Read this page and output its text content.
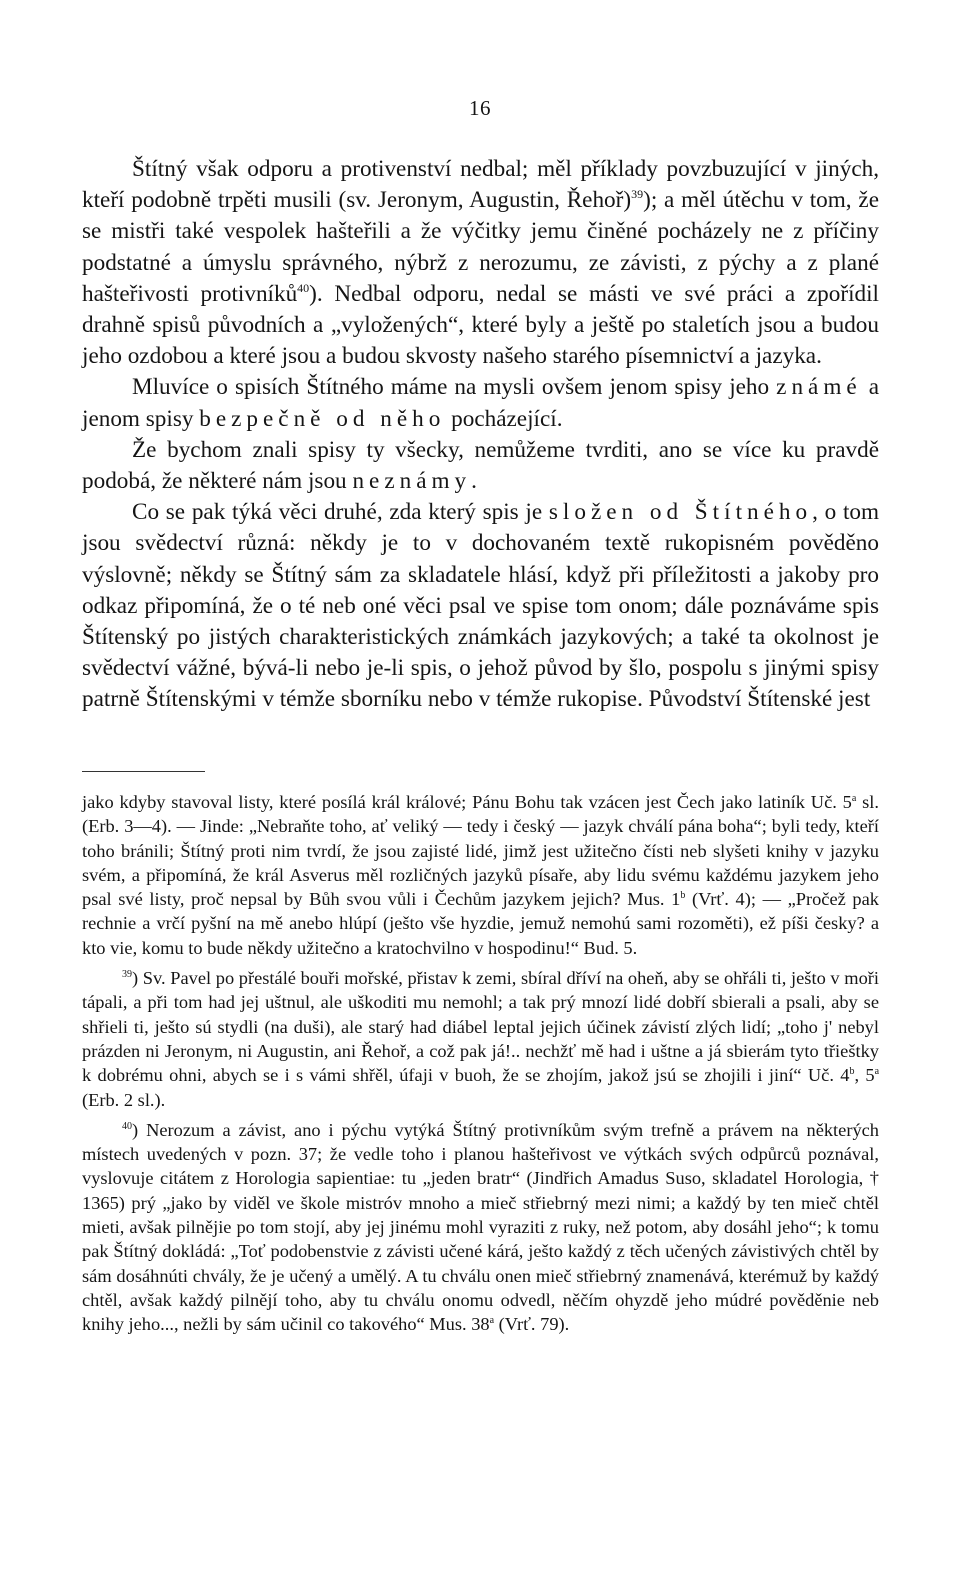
16

Štítný však odporu a protivenství nedbal; měl příklady povzbuzující v jiných, kteří podobně trpěti musili (sv. Jeronym, Augustin, Řehoř)$^{39}$); a měl útěchu v tom, že se mistři také vespolek hašteřili a že výčitky jemu činěné pocházely ne z příčiny podstatné a úmyslu správného, nýbrž z nerozumu, ze závisti, z pýchy a z plané hašteřivosti protivníků$^{40}$). Nedbal odporu, nedal se másti ve své práci a zpořídil drahně spisů původních a „vyložených“, které byly a ještě po staletích jsou a budou jeho ozdobou a které jsou a budou skvosty našeho starého písemnictví a jazyka.

Mluvíce o spisích Štítného máme na mysli ovšem jenom spisy jeho známé a jenom spisy bezpečně od něho pocházející.

Že bychom znali spisy ty všecky, nemůžeme tvrditi, ano se více ku pravdě podobá, že některé nám jsou neznámy.

Co se pak týká věci druhé, zda který spis je složen od Štítného, o tom jsou svědectví různá: někdy je to v dochovaném textě rukopisném pověděno výslovně; někdy se Štítný sám za skladatele hlásí, když při příležitosti a jakoby pro odkaz připomíná, že o té neb oné věci psal ve spise tom onom; dále poznáváme spis Štítenský po jistých charakteristických známkách jazykových; a také ta okolnost je svědectví vážné, bývá-li nebo je-li spis, o jehož původ by šlo, pospolu s jinými spisy patrně Štítenskými v témže sborníku nebo v témže rukopise. Původství Štítenské jest

jako kdyby stavoval listy, které posílá král králové; Pánu Bohu tak vzácen jest Čech jako latiník Uč. 5$^a$ sl. (Erb. 3—4). — Jinde: „Nebraňte toho, ať veliký — tedy i český — jazyk chválí pána boha“; byli tedy, kteří toho bránili; Štítný proti nim tvrdí, že jsou zajisté lidé, jimž jest užitečno čísti neb slyšeti knihy v jazyku svém, a připomíná, že král Asverus měl rozličných jazyků písaře, aby lidu svému každému jazykem jeho psal své listy, proč nepsal by Bůh svou vůli i Čechům jazykem jejich? Mus. 1$^b$ (Vrť. 4); — „Pročež pak rechnie a vrčí pyšní na mě anebo hlúpí (ješto vše hyzdie, jemuž nemohú sami rozoměti), ež píši česky? a kto vie, komu to bude někdy užitečno a kratochvilno v hospodinu!“ Bud. 5.

$^{39}$) Sv. Pavel po přestálé bouři mořské, přistav k zemi, sbíral dříví na oheň, aby se ohřáli ti, ješto v moři tápali, a při tom had jej uštnul, ale uškoditi mu nemohl; a tak prý mnozí lidé dobří sbierali a psali, aby se shřieli ti, ješto sú stydli (na duši), ale starý had diábel leptal jejich účinek závistí zlých lidí; „toho j' nebyl prázden ni Jeronym, ni Augustin, ani Řehoř, a což pak já!.. nechžť mě had i uštne a já sbierám tyto třieštky k dobrému ohni, abych se i s vámi shřěl, úfaji v buoh, že se zhojím, jakož jsú se zhojili i jiní“ Uč. 4$^b$, 5$^a$ (Erb. 2 sl.).

$^{40}$) Nerozum a závist, ano i pýchu vytýká Štítný protivníkům svým trefně a právem na některých místech uvedených v pozn. 37; že vedle toho i planou hašteřivost ve výtkách svých odpůrců poznával, vyslovuje citátem z Horologia sapientiae: tu „jeden bratr“ (Jindřich Amadus Suso, skladatel Horologia, † 1365) prý „jako by viděl ve škole mistróv mnoho a mieč střiebrný mezi nimi; a každý by ten mieč chtěl mieti, avšak pilnějie po tom stojí, aby jej jinému mohl vyraziti z ruky, než potom, aby dosáhl jeho“; k tomu pak Štítný dokládá: „Toť podobenstvie z závisti učené kárá, ješto každý z těch učených závistivých chtěl by sám dosáhnúti chvály, že je učený a umělý. A tu chválu onen mieč střiebrný znamenává, kterémuž by každý chtěl, avšak každý pilnějí toho, aby tu chválu onomu odvedl, něčím ohyzdě jeho múdré pověděnie neb knihy jeho..., nežli by sám učinil co takového“ Mus. 38$^a$ (Vrť. 79).
